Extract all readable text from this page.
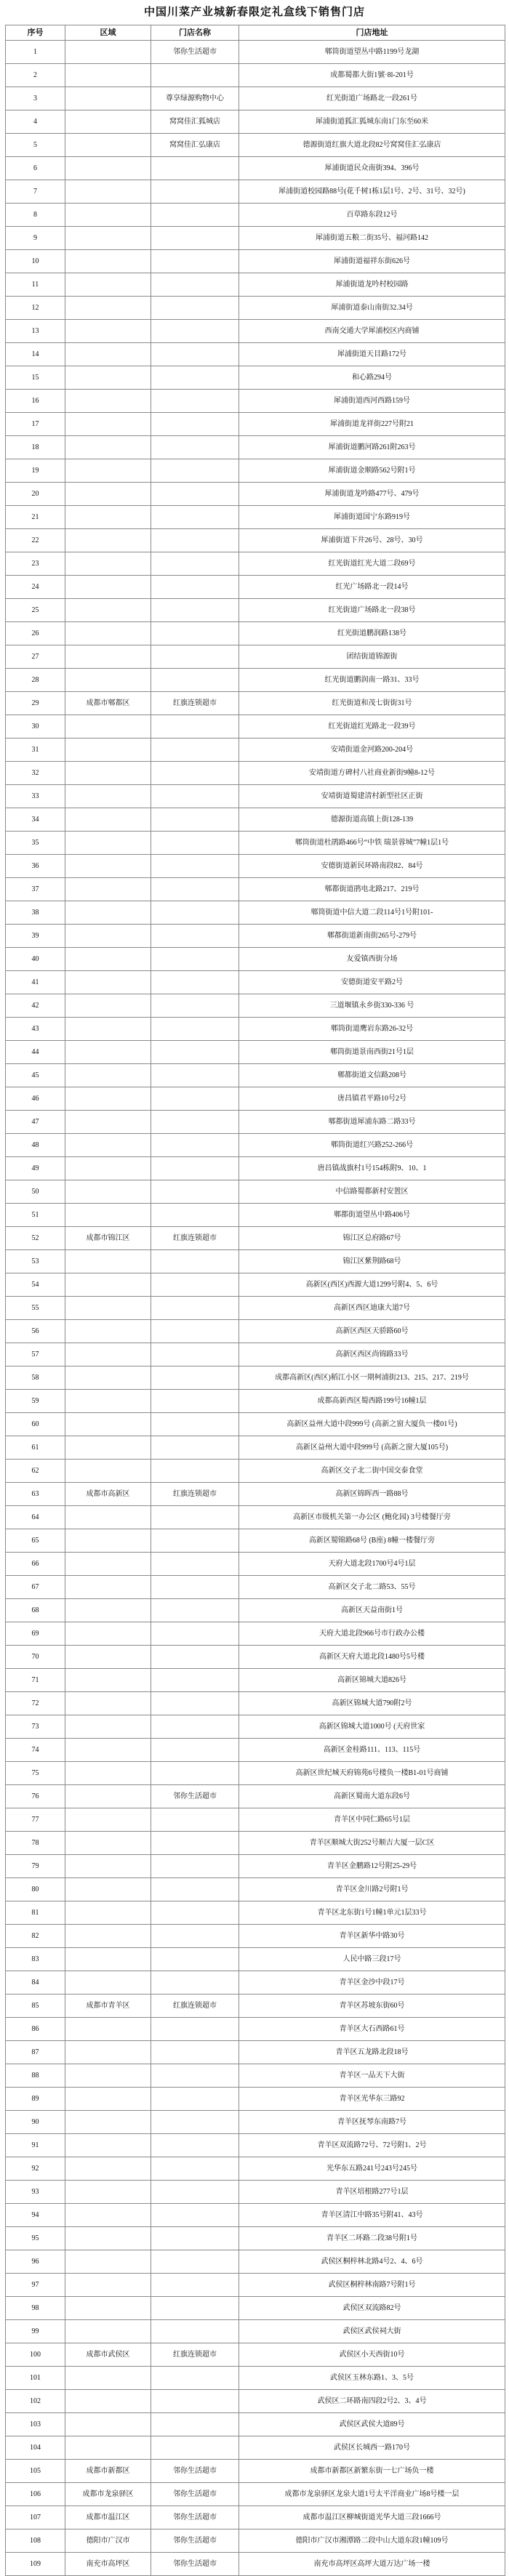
中国川菜产业城新春限定礼盒线下销售门店
序号	区域	门店名称	门店地址
1		邻你生活超市	郫筒街道望丛中路1199号龙湖
2			成都蜀都大街1號·8l-201号
3		尊享绿源购物中心	红光街道广场路北一段261号
4		窝窝佳汇狐城店	犀浦街道狐汇狐城东南1门东至60米
5		窝窝佳汇弘康店	德源街道红旗大道北段82号窝窝佳汇弘康店
6			犀浦街道民众南街394、396号
7			犀浦街道校园路88号(花千树1栋1层1号、2号、31号、32号)
8			百草路东段12号
9			犀浦街道五粮二街35号、福河路142
10			犀浦街道福祥东街626号
11			犀浦街道龙吟村校园路
12			犀浦街道泰山南街32.34号
13			西南交通大学犀浦校区内商铺
14			犀浦街道天目路172号
15			和心路294号
16			犀浦街道西河西路159号
17			犀浦街道龙祥街227号附21
18			犀浦街道鹏河路261附263号
19			犀浦街道金顺路562号附1号
20			犀浦街道龙吟路477号、479号
21			犀浦街道国宁东路919号
22			犀浦街道下井26号、28号、30号
23			红光街道红光大道二段69号
24			红光广场路北一段14号
25			红光街道广场路北一段38号
26			红光街道鹏润路138号
27			团结街道锦源街
28			红光街道鹏润南一路31、33号
29	成都市郫都区	红旗连锁超市	红光街道和茂七街街31号
30			红光街道红光路北一段39号
31			安靖街道金河路200-204号
32			安靖街道方碑村八社商业新街9幢8-12号
33			安靖街道蜀建清村新型社区正街
34			德源街道高镇上街128-139
35			郫筒街道杜鹃路466号“中铁 瑞景蓉城”7幢1层1号
36			安德街道新民环路南段82、84号
37			郫都街道鹃电北路217、219号
38			郫筒街道中信大道二段114号1号附101-
39			郫都街道新南街265号-279号
40			友爱镇西街分场
41			安德街道安平路2号
42			三道堰镇永乡街330-336 号
43			郫筒街道鹰岩东路26-32号
44			郫筒街道景南西街21号1层
45			郫都街道文信路208号
46			唐昌镇君平路10号2号
47			郫都街道犀浦东路二路33号
48			郫筒街道红兴路252-266号
49			唐昌镇战旗村1号154栋附9、10、1
50			中信路蜀都新村安置区
51			郫都街道望丛中路406号
52	成都市锦江区	红旗连锁超市	锦江区总府路67号
53			锦江区紫荆路68号
54			高新区(西区)西源大道1299号附4、5、6号
55			高新区西区迪康大道7号
56			高新区西区天骄路60号
57			高新区西区尚锦路33号
58			成都高新区(西区)稻江小区一期柯浦街213、215、217、219号
59			成都高新西区蜀西路199号16幢1层
60			高新区益州大道中段999号 (高新之窗大厦负一楼01号)
61			高新区益州大道中段999号 (高新之窗大厦105号)
62			高新区交子北二街中国交泰食堂
63	成都市高新区	红旗连锁超市	高新区锦晖西一路88号
64			高新区市级机关第一办公区 (鲍化园) 3号楼餐厅旁
65			高新区蜀锦路68号 (B座) 8幢一楼餐厅旁
66			天府大道北段1700号4号1层
67			高新区交子北二路53、55号
68			高新区天益南街1号
69			天府大道北段966号市行政办公楼
70			高新区天府大道北段1480号5号楼
71			高新区锦城大道826号
72			高新区锦城大道790附2号
73			高新区锦城大道1000号 (天府世家
74			高新区金桂路111、113、115号
75			高新区世纪城天府锦苑6号楼负一楼B1-01号商铺
76		邻你生活超市	高新区蜀南大道东段6号
77			青羊区中同仁路65号1层
78			青羊区顺城大街252号顺吉大厦一层C区
79			青羊区金鹏路12号附25-29号
80			青羊区金川路2号附1号
81			青羊区北东街1号1幢1单元1层33号
82			青羊区新华中路30号
83			人民中路三段17号
84			青羊区金沙中段17号
85	成都市青羊区	红旗连锁超市	青羊区苏坡东街60号
86			青羊区大石西路61号
87			青羊区五龙路北段18号
88			青羊区一品天下大街
89			青羊区光华东三路92
90			青羊区抚琴东南路7号
91			青羊区双流路72号、72号附1、2号
92			光华东五路241号243号245号
93			青羊区培根路277号1层
94			青羊区清江中路35号附41、43号
95			青羊区二环路二段38号附1号
96			武侯区桐梓林北路4号2、4、6号
97			武侯区桐梓林南路7号附1号
98			武侯区双流路82号
99			武侯区武侯祠大街
100	成都市武侯区	红旗连锁超市	武侯区小天西街10号
101			武侯区玉林东路1、3、5号
102			武侯区二环路南四段2号2、3、4号
103			武侯区武侯大道89号
104			武侯区长城西一路170号
105	成都市新都区	邻你生活超市	成都市新都区新繁东街一七广场负一楼
106	成都市龙泉驿区	邻你生活超市	成都市龙泉驿区龙泉大道1号太平洋商业广场8号楼一层
107	成都市温江区	邻你生活超市	成都市温江区柳城街道光华大道三段1666号
108	德阳市广汉市	邻你生活超市	德阳市广汉市湘潭路二段中山大道东段1幢109号
109	南充市高坪区	邻你生活超市	南充市高坪区高坪大道万达广场一楼
